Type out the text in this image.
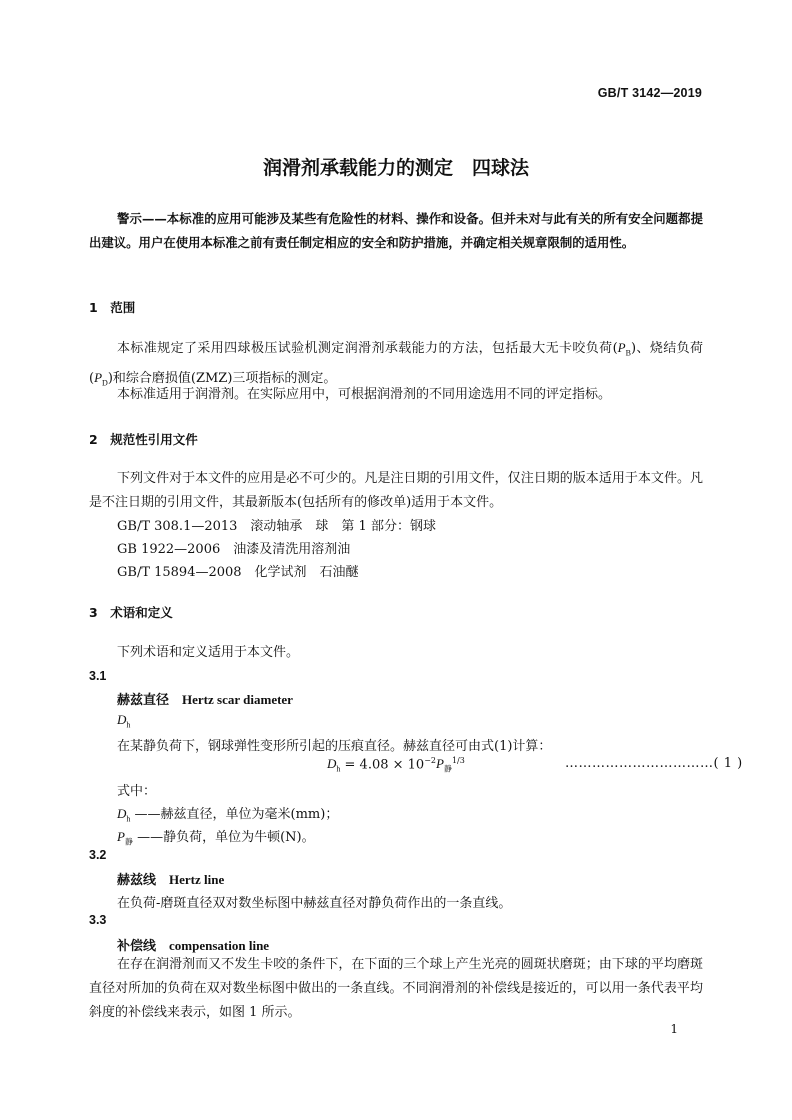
GB/T 3142—2019
润滑剂承载能力的测定　四球法
警示——本标准的应用可能涉及某些有危险性的材料、操作和设备。但并未对与此有关的所有安全问题都提出建议。用户在使用本标准之前有责任制定相应的安全和防护措施，并确定相关规章限制的适用性。
1　范围
本标准规定了采用四球极压试验机测定润滑剂承载能力的方法，包括最大无卡咬负荷$(P_B)$、烧结负荷$(P_D)$和综合磨损值(ZMZ)三项指标的测定。
本标准适用于润滑剂。在实际应用中，可根据润滑剂的不同用途选用不同的评定指标。
2　规范性引用文件
下列文件对于本文件的应用是必不可少的。凡是注日期的引用文件，仅注日期的版本适用于本文件。凡是不注日期的引用文件，其最新版本(包括所有的修改单)适用于本文件。
GB/T 308.1—2013　滚动轴承　球　第 1 部分：钢球
GB 1922—2006　油漆及清洗用溶剂油
GB/T 15894—2008　化学试剂　石油醚
3　术语和定义
下列术语和定义适用于本文件。
3.1
赫兹直径　 Hertz scar diameter
$D_h$
在某静负荷下，钢球弹性变形所引起的压痕直径。赫兹直径可由式(1)计算：
$D_h = 4.08 \times 10^{-2}P_静^{1/3}$	……………………………( 1 )
式中：
$D_h$ ——赫兹直径，单位为毫米(mm)；
$P_静$ ——静负荷，单位为牛顿(N)。
3.2
赫兹线　 Hertz line
在负荷-磨斑直径双对数坐标图中赫兹直径对静负荷作出的一条直线。
3.3
补偿线　 compensation line
在存在润滑剂而又不发生卡咬的条件下，在下面的三个球上产生光亮的圆斑状磨斑；由下球的平均磨斑直径对所加的负荷在双对数坐标图中做出的一条直线。不同润滑剂的补偿线是接近的，可以用一条代表平均斜度的补偿线来表示，如图 1 所示。
1
